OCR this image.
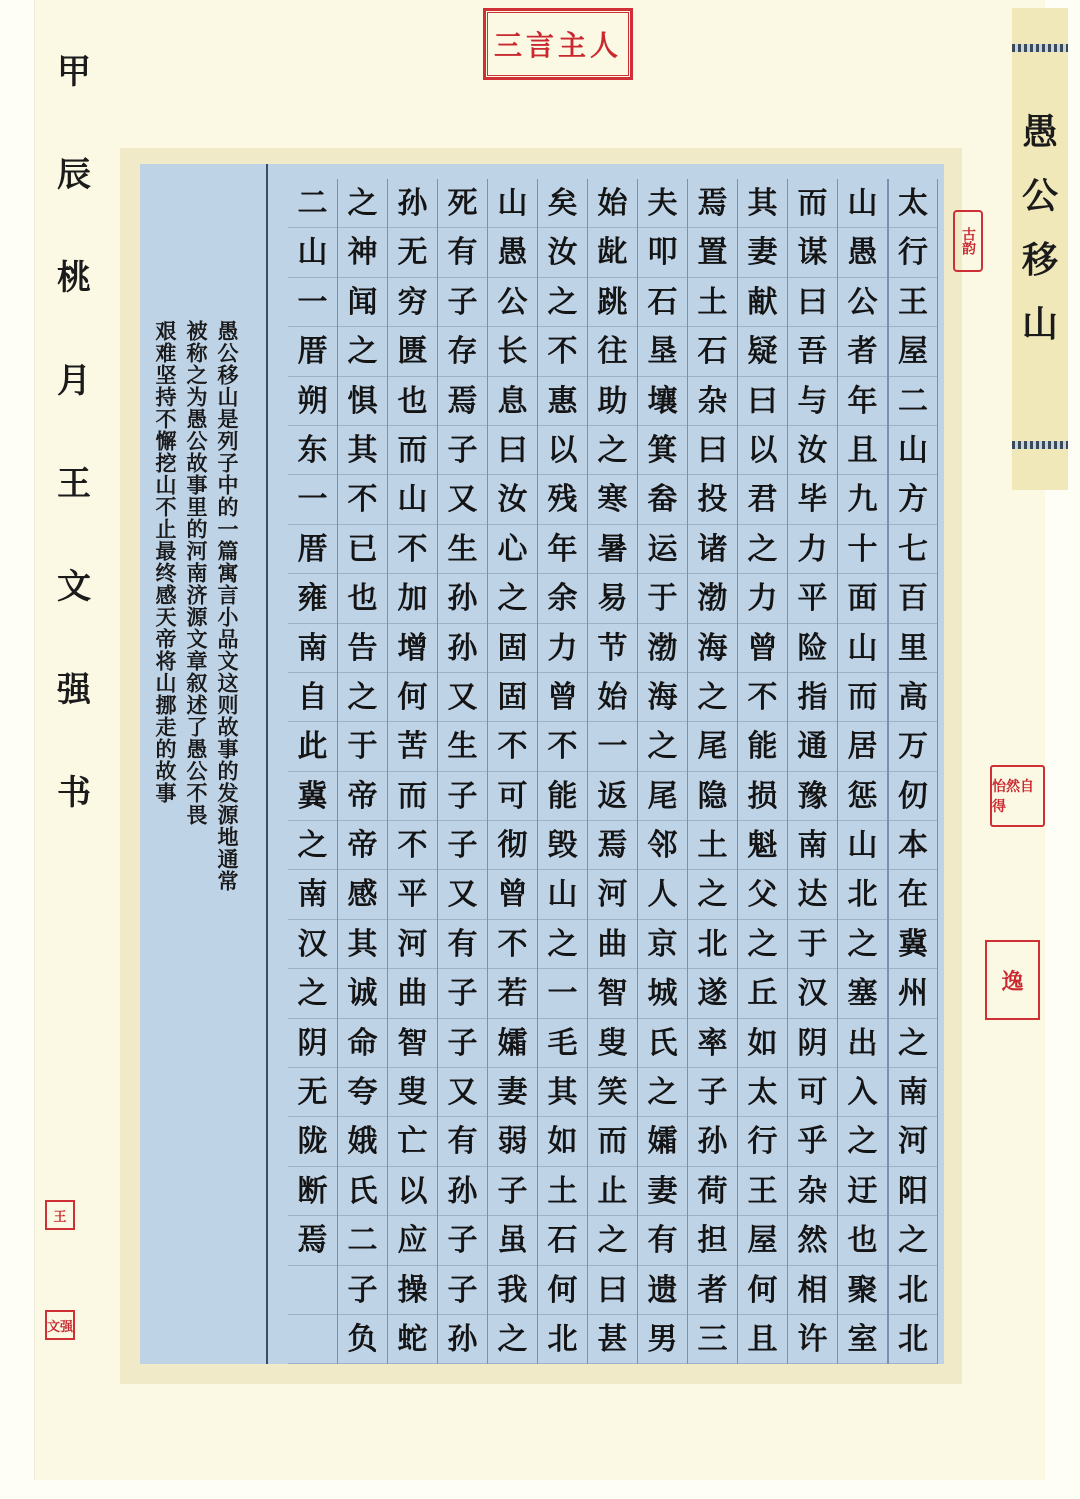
甲
辰
桃
月
王
文
强
书
愚
公
移
山
太
行
王
屋
二
山
方
七
百
里
高
万
仞
本
在
冀
州
之
南
河
阳
之
北
北
山
愚
公
者
年
且
九
十
面
山
而
居
惩
山
北
之
塞
出
入
之
迂
也
聚
室
而
谋
曰
吾
与
汝
毕
力
平
险
指
通
豫
南
达
于
汉
阴
可
乎
杂
然
相
许
其
妻
献
疑
曰
以
君
之
力
曾
不
能
损
魁
父
之
丘
如
太
行
王
屋
何
且
焉
置
土
石
杂
曰
投
诸
渤
海
之
尾
隐
土
之
北
遂
率
子
孙
荷
担
者
三
夫
叩
石
垦
壤
箕
畚
运
于
渤
海
之
尾
邻
人
京
城
氏
之
孀
妻
有
遗
男
始
龀
跳
往
助
之
寒
暑
易
节
始
一
返
焉
河
曲
智
叟
笑
而
止
之
曰
甚
矣
汝
之
不
惠
以
残
年
余
力
曾
不
能
毁
山
之
一
毛
其
如
土
石
何
北
山
愚
公
长
息
曰
汝
心
之
固
固
不
可
彻
曾
不
若
孀
妻
弱
子
虽
我
之
死
有
子
存
焉
子
又
生
孙
孙
又
生
子
子
又
有
子
子
又
有
孙
子
子
孙
孙
无
穷
匮
也
而
山
不
加
增
何
苦
而
不
平
河
曲
智
叟
亡
以
应
操
蛇
之
神
闻
之
惧
其
不
已
也
告
之
于
帝
帝
感
其
诚
命
夸
娥
氏
二
子
负
二
山
一
厝
朔
东
一
厝
雍
南
自
此
冀
之
南
汉
之
阴
无
陇
断
焉
愚公移山是列子中的一篇寓言小品文这则故事的发源地通常
被称之为愚公故事里的河南济源文章叙述了愚公不畏
艰难坚持不懈挖山不止最终感天帝将山挪走的故事
三言主人
古韵
怡然自得
逸
王
文强
